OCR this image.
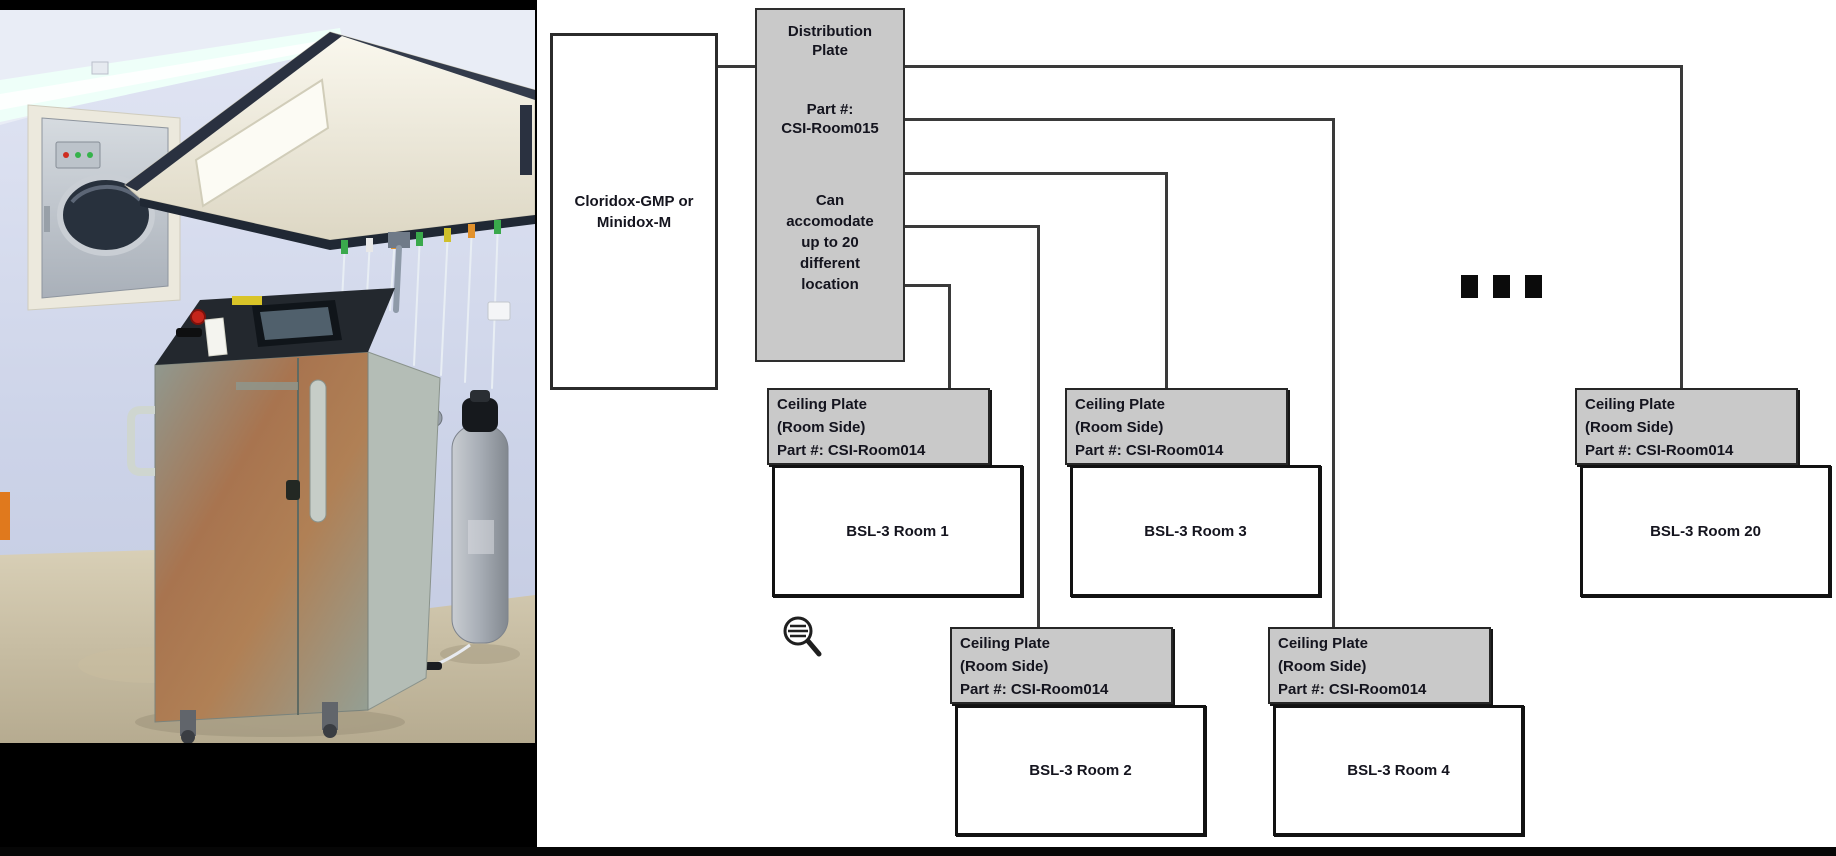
Cloridox-GMP or Minidox-M
Distribution Plate
Part #:
CSI-Room015
Can accomodate up to 20 different location
Ceiling Plate
(Room Side)
Part #: CSI-Room014
BSL-3 Room 1
Ceiling Plate
(Room Side)
Part #: CSI-Room014
BSL-3 Room 3
Ceiling Plate
(Room Side)
Part #: CSI-Room014
BSL-3 Room 20
Ceiling Plate
(Room Side)
Part #: CSI-Room014
BSL-3 Room 2
Ceiling Plate
(Room Side)
Part #: CSI-Room014
BSL-3 Room 4
